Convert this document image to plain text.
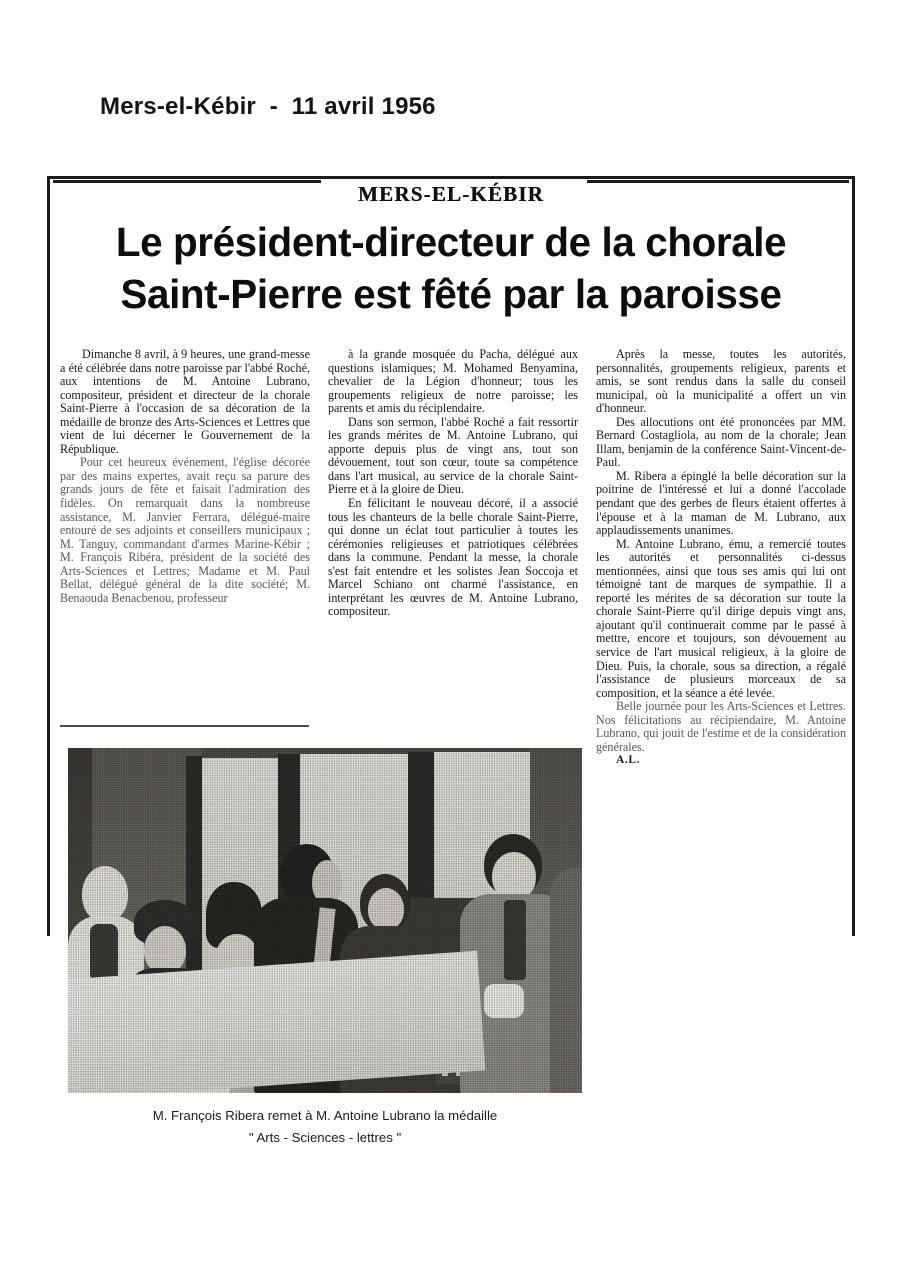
Mers-el-Kébir  -  11 avril 1956
MERS-EL-KÉBIR
Le président-directeur de la chorale
Saint-Pierre est fêté par la paroisse

Dimanche 8 avril, à 9 heures, une grand-messe a été célébrée dans notre paroisse par l'abbé Roché, aux intentions de M. Antoine Lubrano, compositeur, président et directeur de la chorale Saint-Pierre à l'occasion de sa décoration de la médaille de bronze des Arts-Sciences et Lettres que vient de lui décerner le Gouvernement de la République.

Pour cet heureux événement, l'église décorée par des mains expertes, avait reçu sa parure des grands jours de fête et faisait l'admiration des fidèles. On remarquait dans la nombreuse assistance, M. Janvier Ferrara, délégué-maire entouré de ses adjoints et conseillers municipaux ; M. Tanguy, commandant d'armes Marine-Kébir ; M. François Ribéra, président de la société des Arts-Sciences et Lettres; Madame et M. Paul Bellat, délégué général de la dite société; M. Benaouda Benacbenou, professeur

à la grande mosquée du Pacha, délégué aux questions islamiques; M. Mohamed Benyamina, chevalier de la Légion d'honneur; tous les groupements religieux de notre paroisse; les parents et amis du réciplendaire.

Dans son sermon, l'abbé Roché a fait ressortir les grands mérites de M. Antoine Lubrano, qui apporte depuis plus de vingt ans, tout son dévouement, tout son cœur, toute sa compétence dans l'art musical, au service de la chorale Saint-Pierre et à la gloire de Dieu.

En félicitant le nouveau décoré, il a associé tous les chanteurs de la belle chorale Saint-Pierre, qui donne un éclat tout particulier à toutes les cérémonies religieuses et patriotiques célébrées dans la commune. Pendant la messe, la chorale s'est fait entendre et les solistes Jean Soccoja et Marcel Schiano ont charmé l'assistance, en interprétant les œuvres de M. Antoine Lubrano, compositeur.

Après la messe, toutes les autorités, personnalités, groupements religieux, parents et amis, se sont rendus dans la salle du conseil municipal, où la municipalité a offert un vin d'honneur.

Des allocutions ont été prononcées par MM. Bernard Costagliola, au nom de la chorale; Jean Illam, benjamin de la conférence Saint-Vincent-de-Paul.

M. Ribera a épinglé la belle décoration sur la poitrine de l'intéressé et lui a donné l'accolade pendant que des gerbes de fleurs étaient offertes à l'épouse et à la maman de M. Lubrano, aux applaudissements unanimes.

M. Antoine Lubrano, ému, a remercié toutes les autorités et personnalités ci-dessus mentionnées, ainsi que tous ses amis qui lui ont témoigné tant de marques de sympathie. Il a reporté les mérites de sa décoration sur toute la chorale Saint-Pierre qu'il dirige depuis vingt ans, ajoutant qu'il continuerait comme par le passé à mettre, encore et toujours, son dévouement au service de l'art musical religieux, à la gloire de Dieu. Puis, la chorale, sous sa direction, a régalé l'assistance de plusieurs morceaux de sa composition, et la séance a été levée.

Belle journée pour les Arts-Sciences et Lettres. Nos félicitations au récipiendaire, M. Antoine Lubrano, qui jouit de l'estime et de la considération générales.

A.L.

M. François Ribera remet à M. Antoine Lubrano la médaille
" Arts - Sciences - lettres "
